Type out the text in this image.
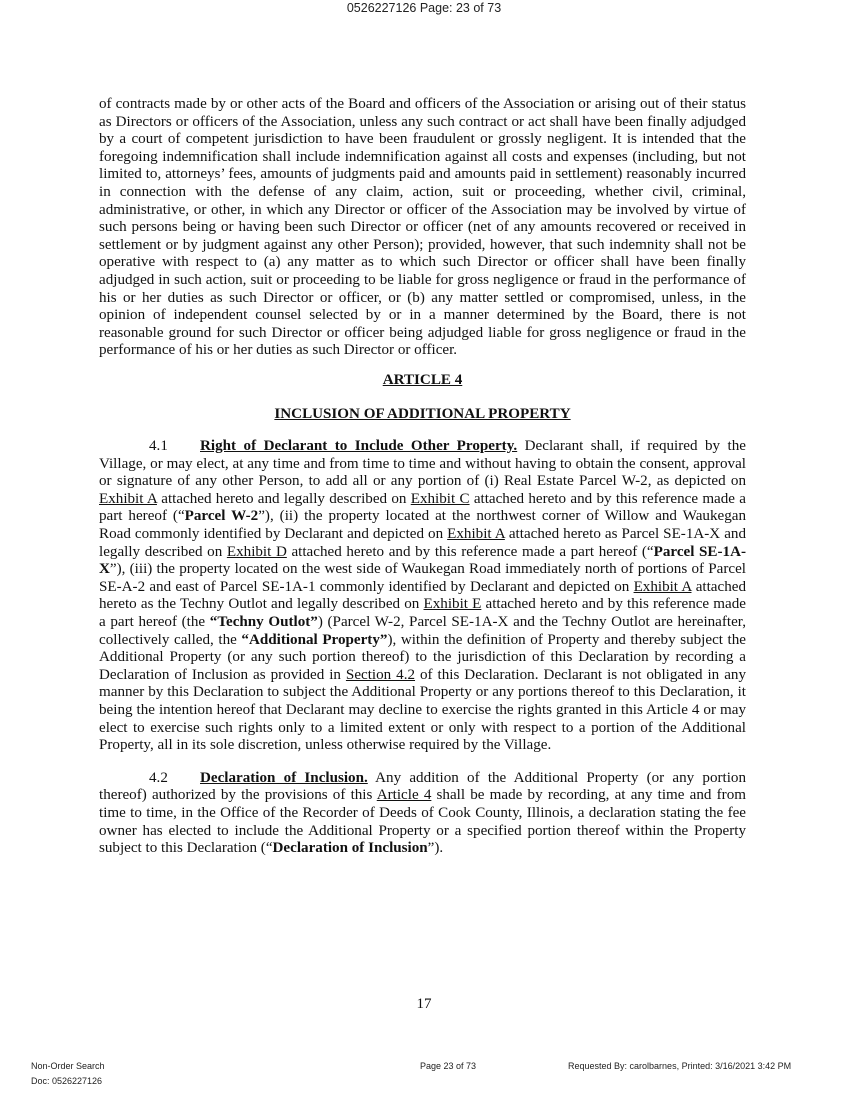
0526227126 Page: 23 of 73

of contracts made by or other acts of the Board and officers of the Association or arising out of their status as Directors or officers of the Association, unless any such contract or act shall have been finally adjudged by a court of competent jurisdiction to have been fraudulent or grossly negligent. It is intended that the foregoing indemnification shall include indemnification against all costs and expenses (including, but not limited to, attorneys’ fees, amounts of judgments paid and amounts paid in settlement) reasonably incurred in connection with the defense of any claim, action, suit or proceeding, whether civil, criminal, administrative, or other, in which any Director or officer of the Association may be involved by virtue of such persons being or having been such Director or officer (net of any amounts recovered or received in settlement or by judgment against any other Person); provided, however, that such indemnity shall not be operative with respect to (a) any matter as to which such Director or officer shall have been finally adjudged in such action, suit or proceeding to be liable for gross negligence or fraud in the performance of his or her duties as such Director or officer, or (b) any matter settled or compromised, unless, in the opinion of independent counsel selected by or in a manner determined by the Board, there is not reasonable ground for such Director or officer being adjudged liable for gross negligence or fraud in the performance of his or her duties as such Director or officer.

ARTICLE 4

INCLUSION OF ADDITIONAL PROPERTY

4.1 Right of Declarant to Include Other Property. Declarant shall, if required by the Village, or may elect, at any time and from time to time and without having to obtain the consent, approval or signature of any other Person, to add all or any portion of (i) Real Estate Parcel W-2, as depicted on Exhibit A attached hereto and legally described on Exhibit C attached hereto and by this reference made a part hereof (“Parcel W-2”), (ii) the property located at the northwest corner of Willow and Waukegan Road commonly identified by Declarant and depicted on Exhibit A attached hereto as Parcel SE-1A-X and legally described on Exhibit D attached hereto and by this reference made a part hereof (“Parcel SE-1A-X”), (iii) the property located on the west side of Waukegan Road immediately north of portions of Parcel SE-A-2 and east of Parcel SE-1A-1 commonly identified by Declarant and depicted on Exhibit A attached hereto as the Techny Outlot and legally described on Exhibit E attached hereto and by this reference made a part hereof (the “Techny Outlot”) (Parcel W-2, Parcel SE-1A-X and the Techny Outlot are hereinafter, collectively called, the “Additional Property”), within the definition of Property and thereby subject the Additional Property (or any such portion thereof) to the jurisdiction of this Declaration by recording a Declaration of Inclusion as provided in Section 4.2 of this Declaration. Declarant is not obligated in any manner by this Declaration to subject the Additional Property or any portions thereof to this Declaration, it being the intention hereof that Declarant may decline to exercise the rights granted in this Article 4 or may elect to exercise such rights only to a limited extent or only with respect to a portion of the Additional Property, all in its sole discretion, unless otherwise required by the Village.

4.2 Declaration of Inclusion. Any addition of the Additional Property (or any portion thereof) authorized by the provisions of this Article 4 shall be made by recording, at any time and from time to time, in the Office of the Recorder of Deeds of Cook County, Illinois, a declaration stating the fee owner has elected to include the Additional Property or a specified portion thereof within the Property subject to this Declaration (“Declaration of Inclusion”).

17
Non-Order Search
Doc: 0526227126
Page 23 of 73	Requested By: carolbarnes, Printed: 3/16/2021 3:42 PM
